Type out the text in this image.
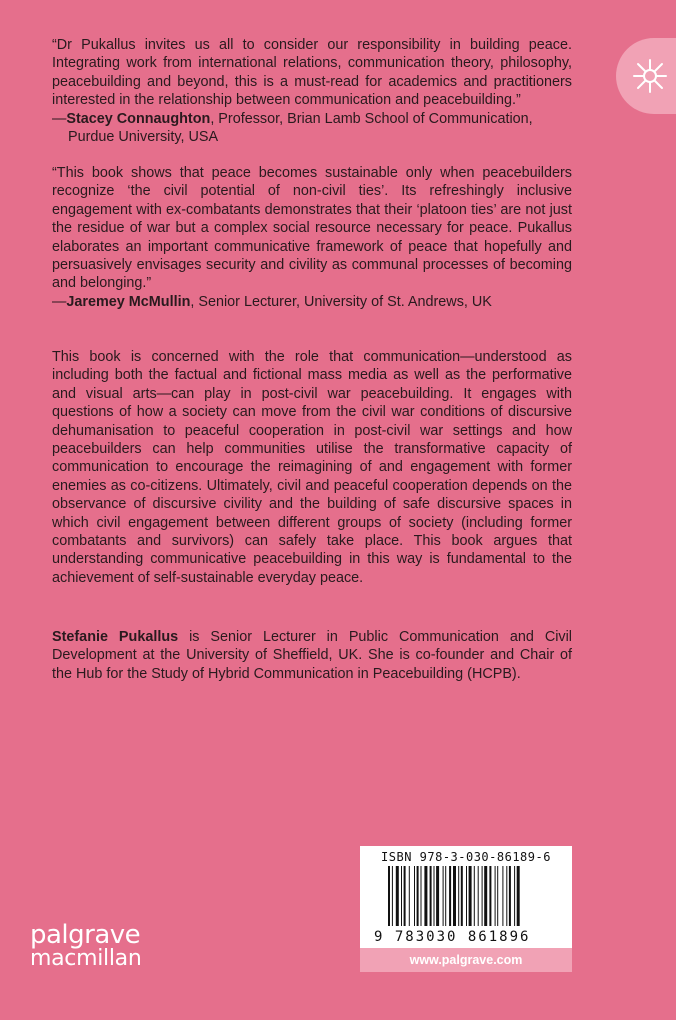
“Dr Pukallus invites us all to consider our responsibility in building peace. Integrating work from international relations, communication theory, philosophy, peacebuilding and beyond, this is a must-read for academics and practitioners interested in the relationship between communication and peacebuilding.”

—Stacey Connaughton, Professor, Brian Lamb School of Communication,

Purdue University, USA

“This book shows that peace becomes sustainable only when peacebuilders recognize ‘the civil potential of non-civil ties’. Its refreshingly inclusive engagement with ex-combatants demonstrates that their ‘platoon ties’ are not just the residue of war but a complex social resource necessary for peace. Pukallus elaborates an important communicative framework of peace that hopefully and persuasively envisages security and civility as communal processes of becoming and belonging.”

—Jaremey McMullin, Senior Lecturer, University of St. Andrews, UK

This book is concerned with the role that communication—understood as including both the factual and fictional mass media as well as the performative and visual arts—can play in post-civil war peacebuilding. It engages with questions of how a society can move from the civil war conditions of discursive dehumanisation to peaceful cooperation in post-civil war settings and how peacebuilders can help communities utilise the transformative capacity of communication to encourage the reimagining of and engagement with former enemies as co-citizens. Ultimately, civil and peaceful cooperation depends on the observance of discursive civility and the building of safe discursive spaces in which civil engagement between different groups of society (including former combatants and survivors) can safely take place. This book argues that understanding communicative peacebuilding in this way is fundamental to the achievement of self-sustainable everyday peace.

Stefanie Pukallus is Senior Lecturer in Public Communication and Civil Development at the University of Sheffield, UK. She is co-founder and Chair of the Hub for the Study of Hybrid Communication in Peacebuilding (HCPB).

ISBN 978-3-030-86189-6
9 783030 861896
www.palgrave.com
palgrave
macmillan
